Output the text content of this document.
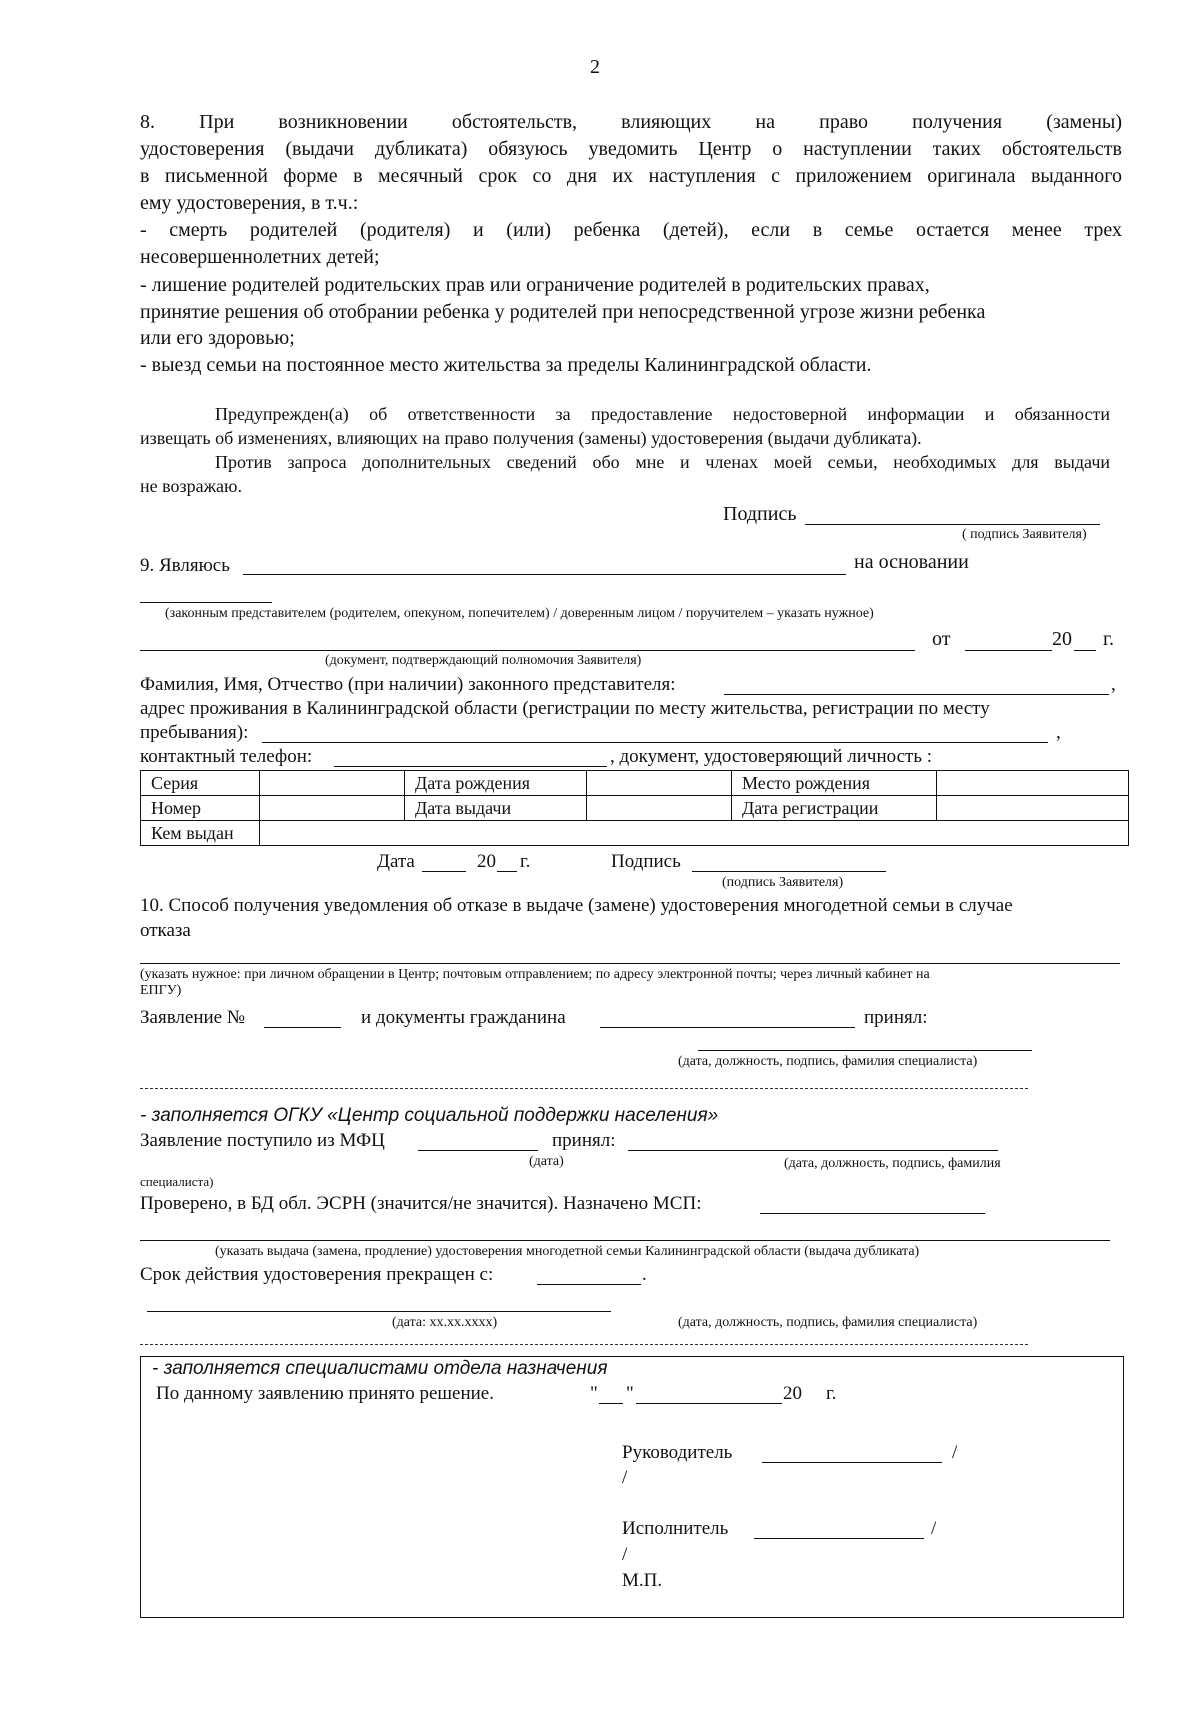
2
8. При возникновении обстоятельств, влияющих на право получения (замены)
удостоверения (выдачи дубликата) обязуюсь уведомить Центр о наступлении таких обстоятельств
в письменной форме в месячный срок со дня их наступления с приложением оригинала выданного
ему удостоверения, в т.ч.:
- смерть родителей (родителя) и (или) ребенка (детей), если в семье остается менее трех
несовершеннолетних детей;
- лишение родителей родительских прав или ограничение родителей в родительских правах,
принятие решения об отобрании ребенка у родителей при непосредственной угрозе жизни ребенка
или его здоровью;
- выезд семьи на постоянное место жительства за пределы Калининградской области.
Предупрежден(а) об ответственности за предоставление недостоверной информации и обязанности
извещать об изменениях, влияющих на право получения (замены) удостоверения (выдачи дубликата).
Против запроса дополнительных сведений обо мне и членах моей семьи, необходимых для выдачи
не возражаю.
Подпись
( подпись Заявителя)
9. Являюсь	на основании
(законным представителем (родителем, опекуном, попечителем) / доверенным лицом / поручителем – указать нужное)
от	20 г.
(документ, подтверждающий полномочия Заявителя)
Фамилия, Имя, Отчество (при наличии) законного представителя:	,
адрес проживания в Калининградской области (регистрации по месту жительства, регистрации по месту
пребывания):	,
контактный телефон:	, документ, удостоверяющий личность :
Серия		Дата рождения		Место рождения	
Номер		Дата выдачи		Дата регистрации	
Кем выдан					
Дата	20 г.	Подпись
(подпись Заявителя)
10. Способ получения уведомления об отказе в выдаче (замене) удостоверения многодетной семьи в случае
отказа
(указать нужное: при личном обращении в Центр; почтовым отправлением; по адресу электронной почты; через личный кабинет на
ЕПГУ)
Заявление №	и документы гражданина	принял:
(дата, должность, подпись, фамилия специалиста)
- заполняется ОГКУ «Центр социальной поддержки населения»
Заявление поступило из МФЦ	принял:
(дата)	(дата, должность, подпись, фамилия
специалиста)
Проверено, в БД обл. ЭСРН (значится/не значится). Назначено МСП:
(указать выдача (замена, продление) удостоверения многодетной семьи Калининградской области (выдача дубликата)
Срок действия удостоверения прекращен с:	.
(дата: хх.хх.хххх)	(дата, должность, подпись, фамилия специалиста)
- заполняется специалистами отдела назначения
По данному заявлению принято решение.	" "	20 г.
Руководитель	/
/
Исполнитель	/
/
М.П.
